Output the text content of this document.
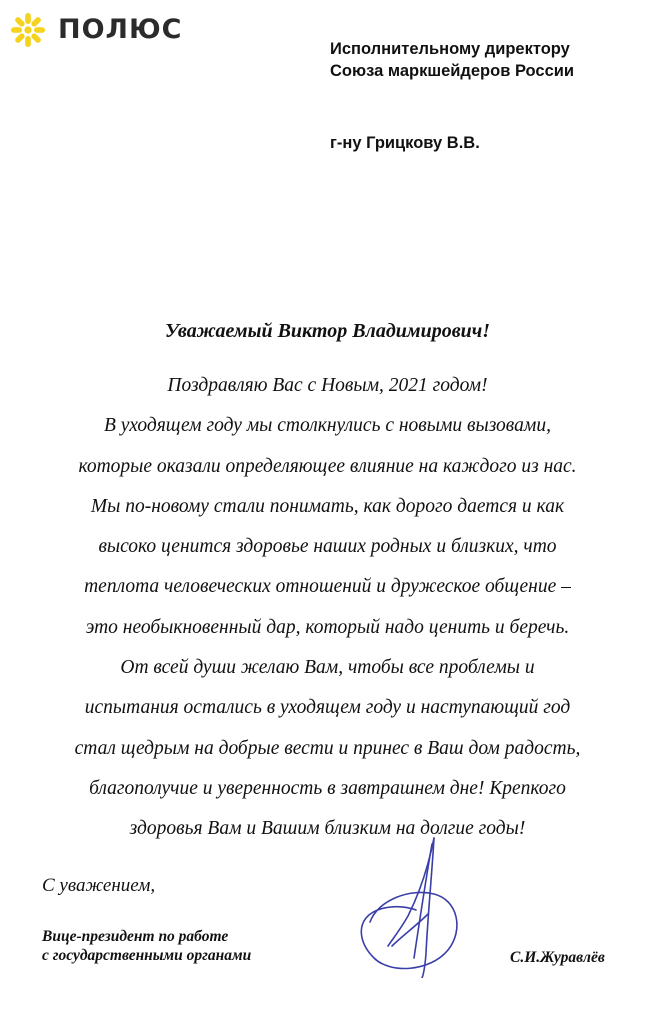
ПОЛЮС
Исполнительному директору
Союза маркшейдеров России
г-ну Грицкову В.В.
Уважаемый Виктор Владимирович!
Поздравляю Вас с Новым, 2021 годом!
В уходящем году мы столкнулись с новыми вызовами,
которые оказали определяющее влияние на каждого из нас.
Мы по-новому стали понимать, как дорого дается и как
высоко ценится здоровье наших родных и близких, что
теплота человеческих отношений и дружеское общение –
это необыкновенный дар, который надо ценить и беречь.
От всей души желаю Вам, чтобы все проблемы и
испытания остались в уходящем году и наступающий год
стал щедрым на добрые вести и принес в Ваш дом радость,
благополучие и уверенность в завтрашнем дне! Крепкого
здоровья Вам и Вашим близким на долгие годы!
С уважением,
Вице-президент по работе
с государственными органами	С.И.Журавлёв
